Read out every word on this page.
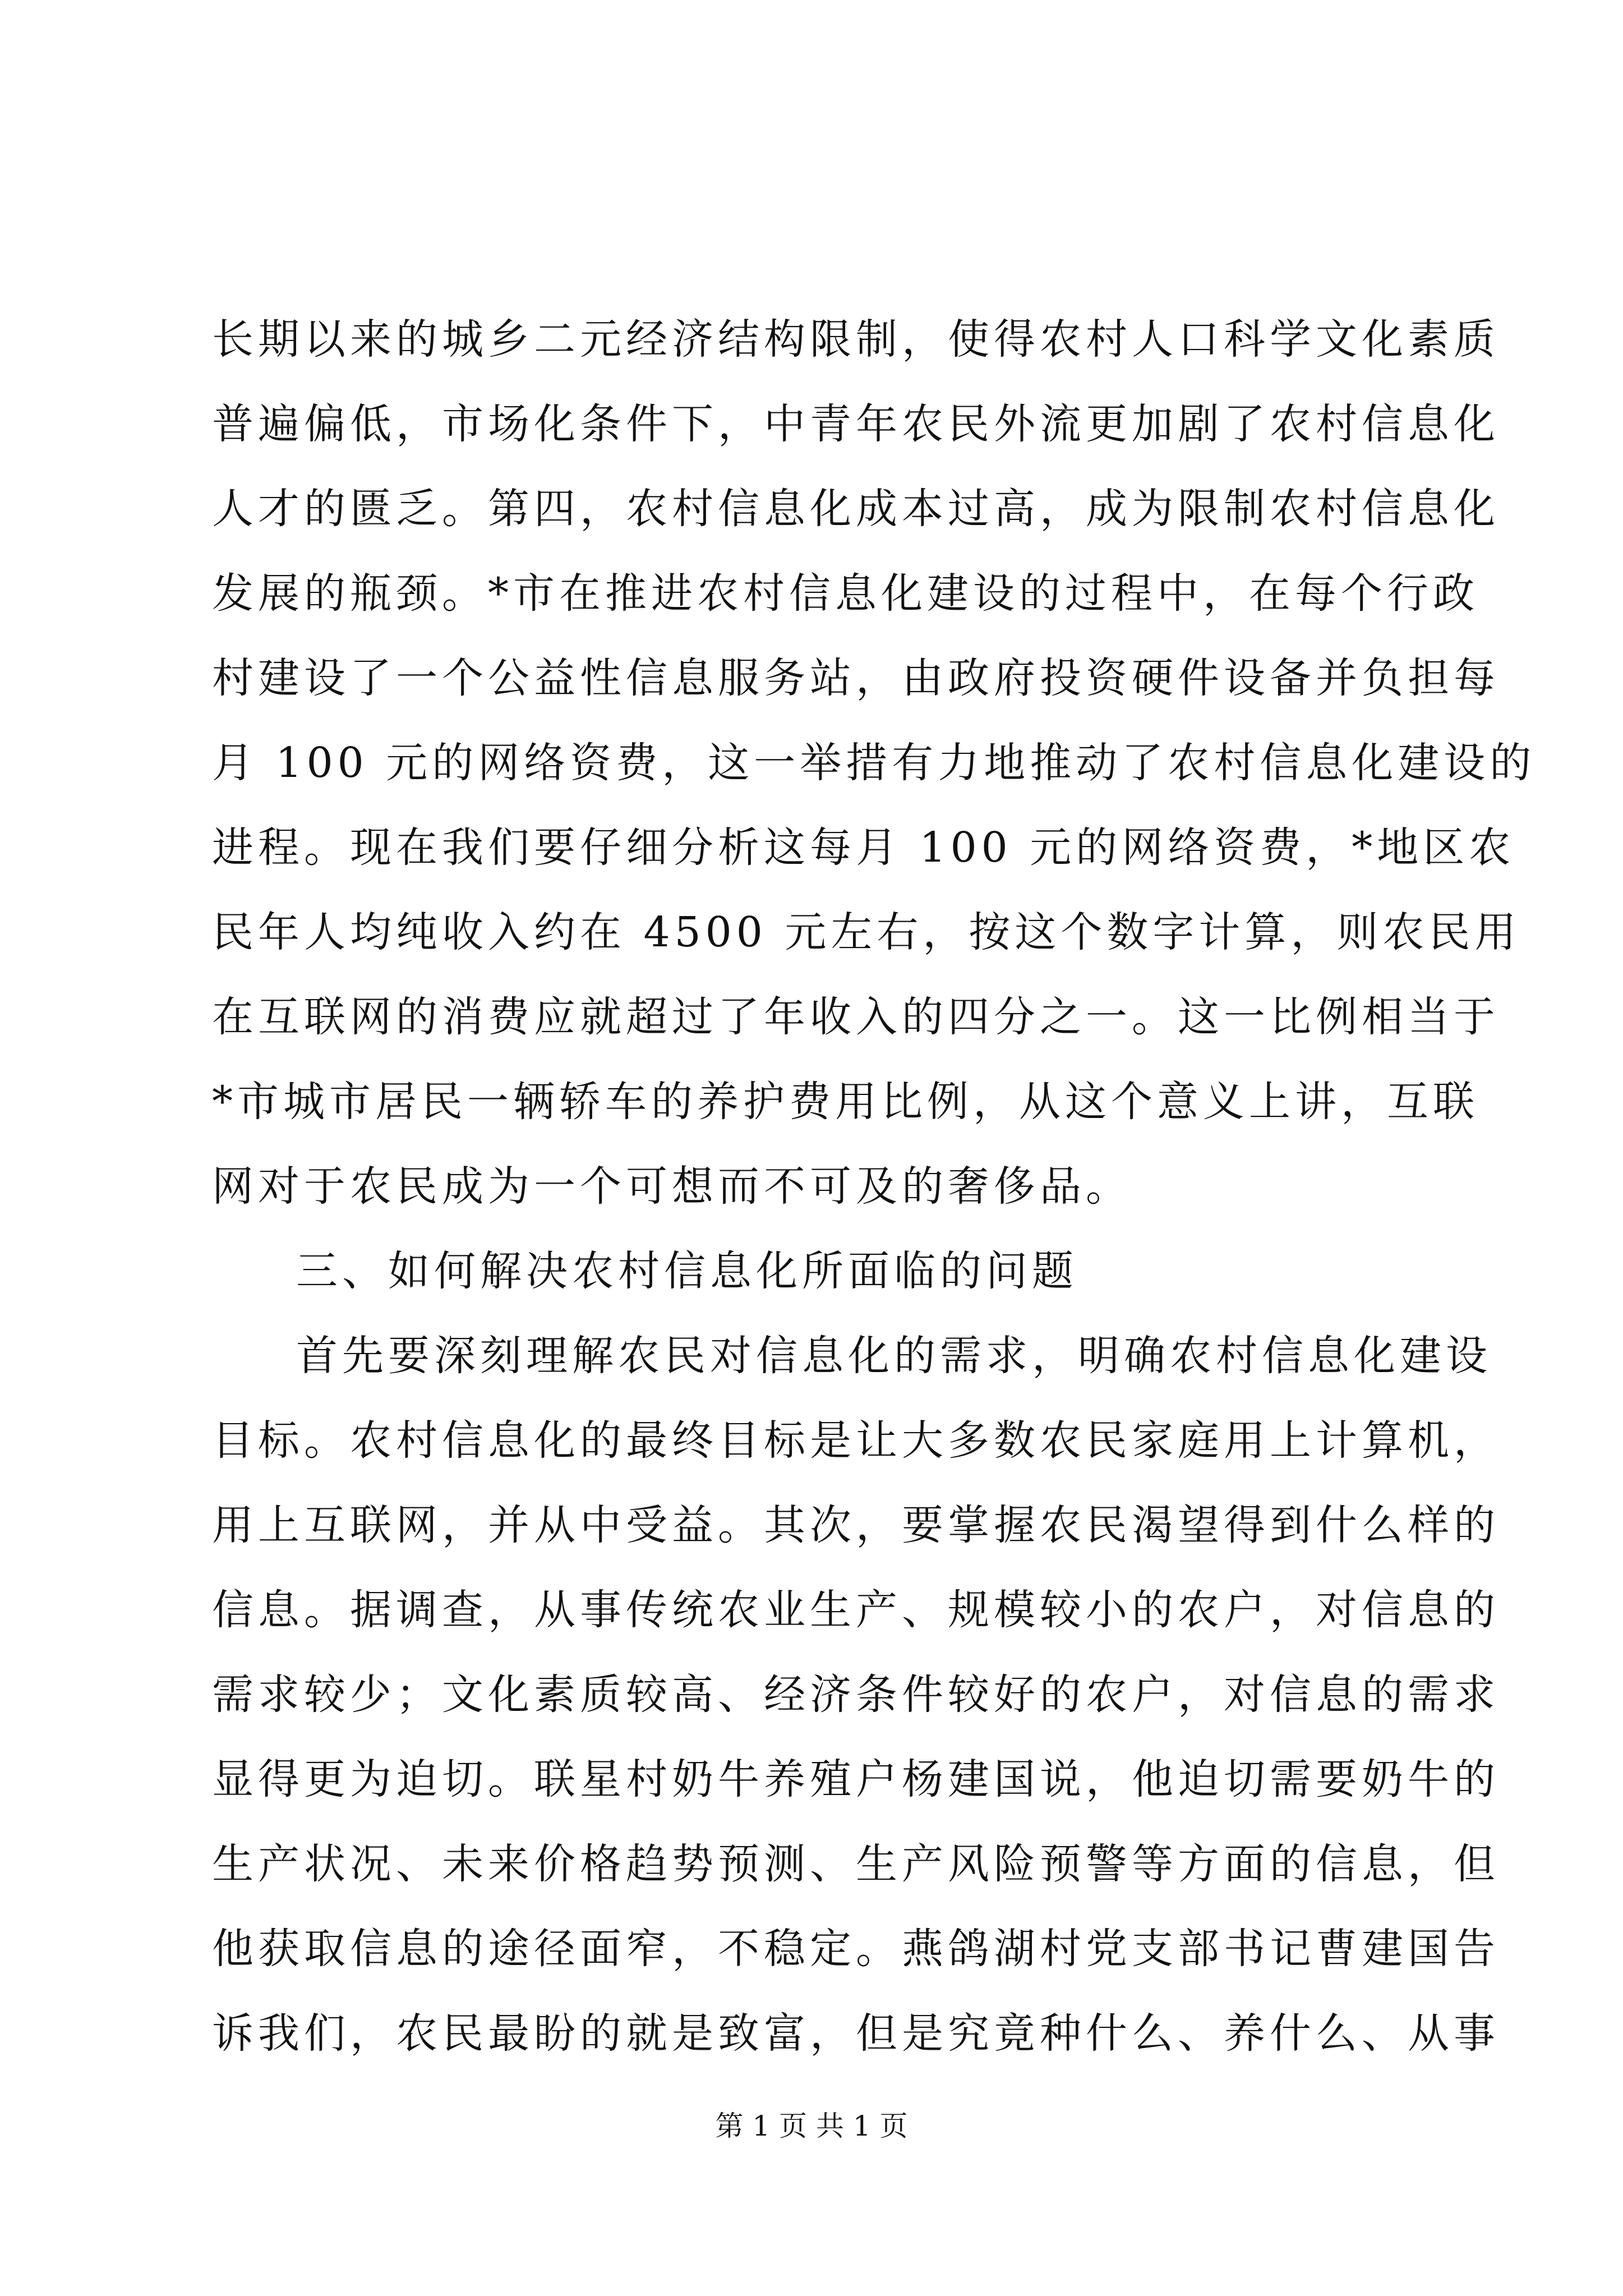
长期以来的城乡二元经济结构限制，使得农村人口科学文化素质
普遍偏低，市场化条件下，中青年农民外流更加剧了农村信息化
人才的匮乏。第四，农村信息化成本过高，成为限制农村信息化
发展的瓶颈。*市在推进农村信息化建设的过程中，在每个行政
村建设了一个公益性信息服务站，由政府投资硬件设备并负担每
月 100 元的网络资费，这一举措有力地推动了农村信息化建设的
进程。现在我们要仔细分析这每月 100 元的网络资费，*地区农
民年人均纯收入约在 4500 元左右，按这个数字计算，则农民用
在互联网的消费应就超过了年收入的四分之一。这一比例相当于
*市城市居民一辆轿车的养护费用比例，从这个意义上讲，互联
网对于农民成为一个可想而不可及的奢侈品。
三、如何解决农村信息化所面临的问题
首先要深刻理解农民对信息化的需求，明确农村信息化建设
目标。农村信息化的最终目标是让大多数农民家庭用上计算机，
用上互联网，并从中受益。其次，要掌握农民渴望得到什么样的
信息。据调查，从事传统农业生产、规模较小的农户，对信息的
需求较少；文化素质较高、经济条件较好的农户，对信息的需求
显得更为迫切。联星村奶牛养殖户杨建国说，他迫切需要奶牛的
生产状况、未来价格趋势预测、生产风险预警等方面的信息，但
他获取信息的途径面窄，不稳定。燕鸽湖村党支部书记曹建国告
诉我们，农民最盼的就是致富，但是究竟种什么、养什么、从事
第 1 页 共 1 页
